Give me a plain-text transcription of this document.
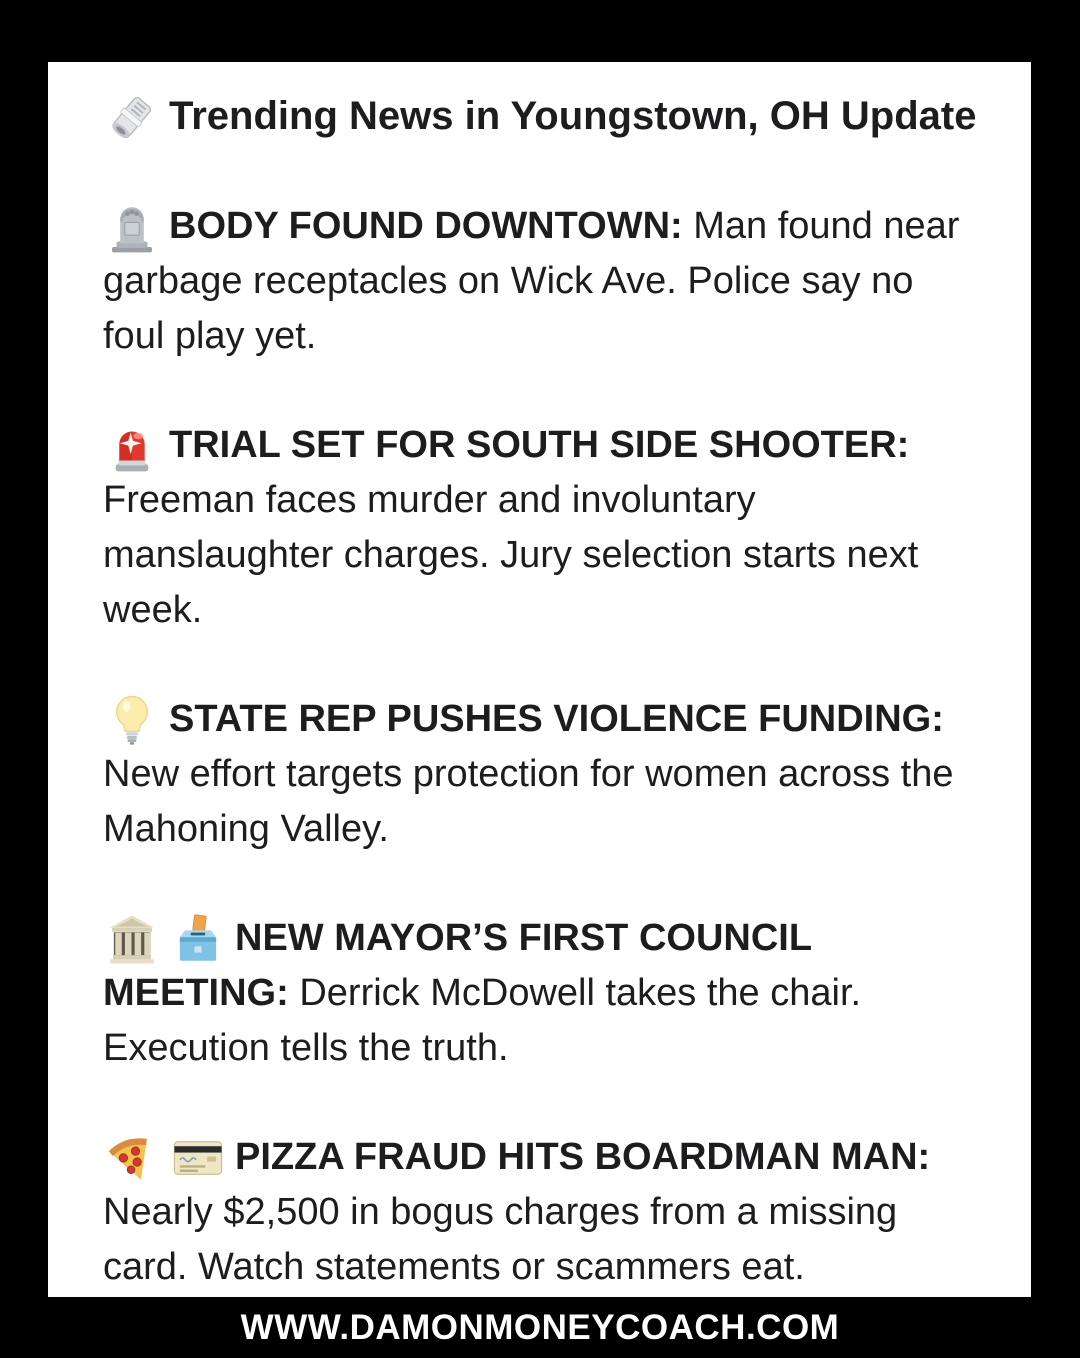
Trending News in Youngstown, OH Update

BODY FOUND DOWNTOWN: Man found near garbage receptacles on Wick Ave. Police say no foul play yet.

TRIAL SET FOR SOUTH SIDE SHOOTER: Freeman faces murder and involuntary manslaughter charges. Jury selection starts next week.

STATE REP PUSHES VIOLENCE FUNDING: New effort targets protection for women across the Mahoning Valley.

NEW MAYOR’S FIRST COUNCIL MEETING: Derrick McDowell takes the chair. Execution tells the truth.

PIZZA FRAUD HITS BOARDMAN MAN: Nearly $2,500 in bogus charges from a missing card. Watch statements or scammers eat.

WWW.DAMONMONEYCOACH.COM
